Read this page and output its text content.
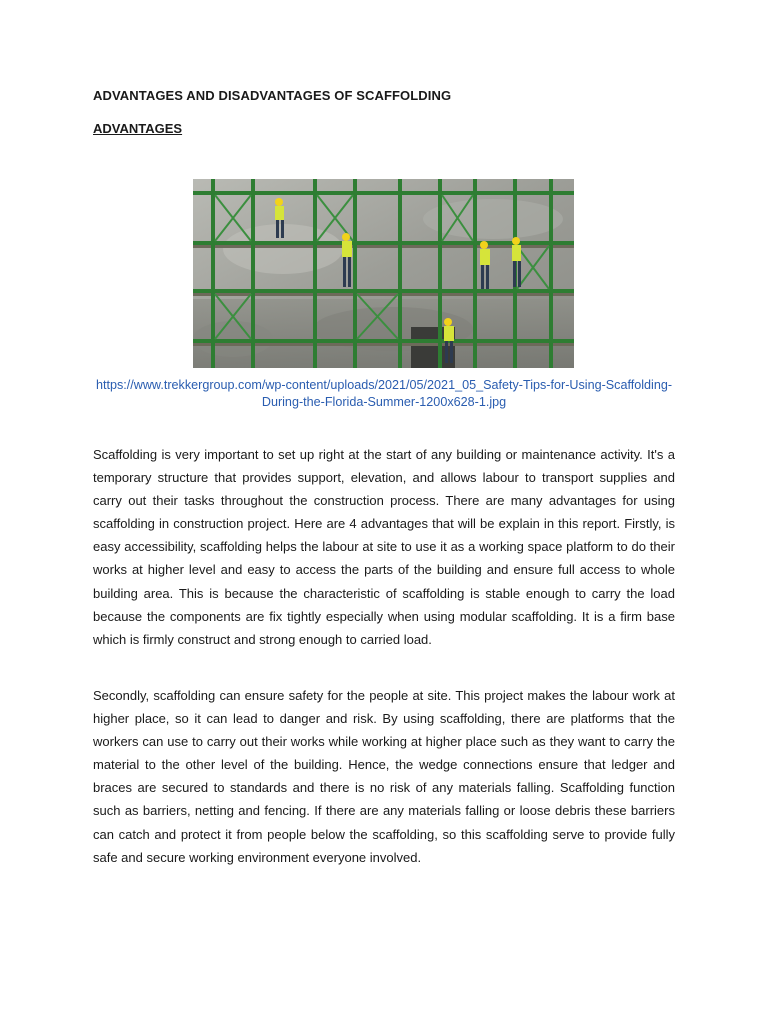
ADVANTAGES AND DISADVANTAGES OF SCAFFOLDING
ADVANTAGES
https://www.trekkergroup.com/wp-content/uploads/2021/05/2021_05_Safety-Tips-for-Using-Scaffolding-During-the-Florida-Summer-1200x628-1.jpg

Scaffolding is very important to set up right at the start of any building or maintenance activity. It's a temporary structure that provides support, elevation, and allows labour to transport supplies and carry out their tasks throughout the construction process. There are many advantages for using scaffolding in construction project. Here are 4 advantages that will be explain in this report. Firstly, is easy accessibility, scaffolding helps the labour at site to use it as a working space platform to do their works at higher level and easy to access the parts of the building and ensure full access to whole building area. This is because the characteristic of scaffolding is stable enough to carry the load because the components are fix tightly especially when using modular scaffolding. It is a firm base which is firmly construct and strong enough to carried load.

Secondly, scaffolding can ensure safety for the people at site. This project makes the labour work at higher place, so it can lead to danger and risk. By using scaffolding, there are platforms that the workers can use to carry out their works while working at higher place such as they want to carry the material to the other level of the building. Hence, the wedge connections ensure that ledger and braces are secured to standards and there is no risk of any materials falling. Scaffolding function such as barriers, netting and fencing. If there are any materials falling or loose debris these barriers can catch and protect it from people below the scaffolding, so this scaffolding serve to provide fully safe and secure working environment everyone involved.
